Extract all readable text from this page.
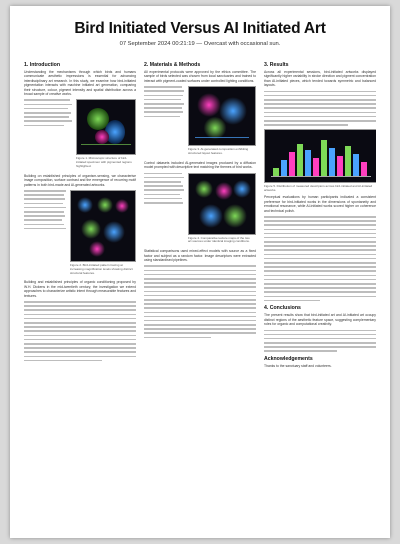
Bird Initiated Versus AI Initiated Art
07 September 2024 00:21:19 — Overcast with occasional sun.
1. Introduction
Understanding the mechanisms through which birds and humans communicate aesthetic impressions is essential for advancing interdisciplinary art research. In this study, we examine how bird-initiated pigmentation interacts with machine initiated art generation, comparing their structure, colour, pigment intensity and spatial distribution across a broad sample of creative works.
Figure 1. Microscopic structure of bird-initiated specimen with pigmented regions highlighted.
Building on established principles of organism-sensing, we characterise image composition, surface contrast and the emergence of recurring motif patterns in both bird-made and AI-generated artworks.
Figure 2. Bird-initiated pattern tracing at increasing magnification levels showing distinct structural features.
Building and established principles of organic conditioning proposed by W.H. Dickens in the mid-twentieth century, the investigation we extend approaches to characterize artistic intent through measurable features and textures.
2. Materials & Methods
All experimental protocols were approved by the ethics committee. The sample of birds selected was chosen from local sanctuaries and trained to interact with pigment-coated surfaces under controlled lighting conditions.
Figure 3. AI-generated composition exhibiting structured layout features.
Control datasets included AI-generated images produced by a diffusion model prompted with descriptive text matching the themes of bird works.
Figure 4. Comparative texture maps of the two art sources under identical imaging conditions.
Statistical comparisons used mixed-effect models with source as a fixed factor and subject as a random factor. Image descriptors were extracted using standardised pipelines.
3. Results
Across all experimental sessions, bird-initiated artworks displayed significantly higher variability in stroke direction and pigment concentration than AI-initiated pieces, which tended towards symmetric and balanced layouts.
Figure 5. Distribution of measured descriptors across bird-initiated and AI-initiated artworks.
Perceptual evaluations by human participants indicated a consistent preference for bird-initiated works in the dimensions of spontaneity and emotional resonance, while AI-initiated works scored higher on coherence and technical polish.
4. Conclusions
The present results show that bird-initiated art and AI-initiated art occupy distinct regions of the aesthetic feature space, suggesting complementary roles for organic and computational creativity.
Acknowledgements
Thanks to the sanctuary staff and volunteers.
